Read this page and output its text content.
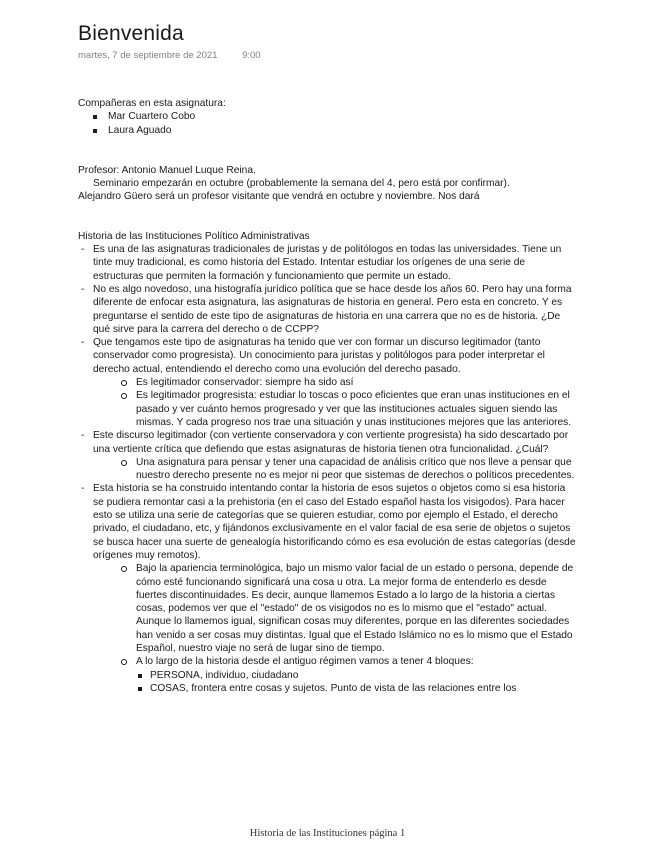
Bienvenida
martes, 7 de septiembre de 2021	9:00

Compañeras en esta asignatura:

Mar Cuartero Cobo
Laura Aguado

Profesor: Antonio Manuel Luque Reina.

Seminario empezarán en octubre (probablemente la semana del 4, pero está por confirmar).

Alejandro Güero será un profesor visitante que vendrá en octubre y noviembre. Nos dará

Historia de las Instituciones Político Administrativas

- Es una de las asignaturas tradicionales de juristas y de politólogos en todas las universidades. Tiene un tinte muy tradicional, es como historia del Estado. Intentar estudiar los orígenes de una serie de estructuras que permiten la formación y funcionamiento que permite un estado.
- No es algo novedoso, una histografía jurídico política que se hace desde los años 60. Pero hay una forma diferente de enfocar esta asignatura, las asignaturas de historia en general. Pero esta en concreto. Y es preguntarse el sentido de este tipo de asignaturas de historia en una carrera que no es de historia. ¿De qué sirve para la carrera del derecho o de CCPP?
- Que tengamos este tipo de asignaturas ha tenido que ver con formar un discurso legitimador (tanto conservador como progresista). Un conocimiento para juristas y politólogos para poder interpretar el derecho actual, entendiendo el derecho como una evolución del derecho pasado.
Es legitimador conservador: siempre ha sido así
Es legitimador progresista: estudiar lo toscas o poco eficientes que eran unas instituciones en el pasado y ver cuánto hemos progresado y ver que las instituciones actuales siguen siendo las mismas. Y cada progreso nos trae una situación y unas instituciones mejores que las anteriores.
- Este discurso legitimador (con vertiente conservadora y con vertiente progresista) ha sido descartado por una vertiente crítica que defiendo que estas asignaturas de historia tienen otra funcionalidad. ¿Cuál?
Una asignatura para pensar y tener una capacidad de análisis crítico que nos lleve a pensar que nuestro derecho presente no es mejor ni peor que sistemas de derechos o políticos precedentes.
- Esta historia se ha construido intentando contar la historia de esos sujetos o objetos como si esa historia se pudiera remontar casi a la prehistoria (en el caso del Estado español hasta los visigodos). Para hacer esto se utiliza una serie de categorías que se quieren estudiar, como por ejemplo el Estado, el derecho privado, el ciudadano, etc, y fijándonos exclusivamente en el valor facial de esa serie de objetos o sujetos se busca hacer una suerte de genealogía historificando cómo es esa evolución de estas categorías (desde orígenes muy remotos).
Bajo la apariencia terminológica, bajo un mismo valor facial de un estado o persona, depende de cómo esté funcionando significará una cosa u otra. La mejor forma de entenderlo es desde fuertes discontinuidades. Es decir, aunque llamemos Estado a lo largo de la historia a ciertas cosas, podemos ver que el "estado" de os visigodos no es lo mismo que el "estado" actual. Aunque lo llamemos igual, significan cosas muy diferentes, porque en las diferentes sociedades han venido a ser cosas muy distintas. Igual que el Estado Islámico no es lo mismo que el Estado Español, nuestro viaje no será de lugar sino de tiempo.
A lo largo de la historia desde el antiguo régimen vamos a tener 4 bloques:
PERSONA, individuo, ciudadano
COSAS, frontera entre cosas y sujetos. Punto de vista de las relaciones entre los
Historia de las Instituciones página 1
